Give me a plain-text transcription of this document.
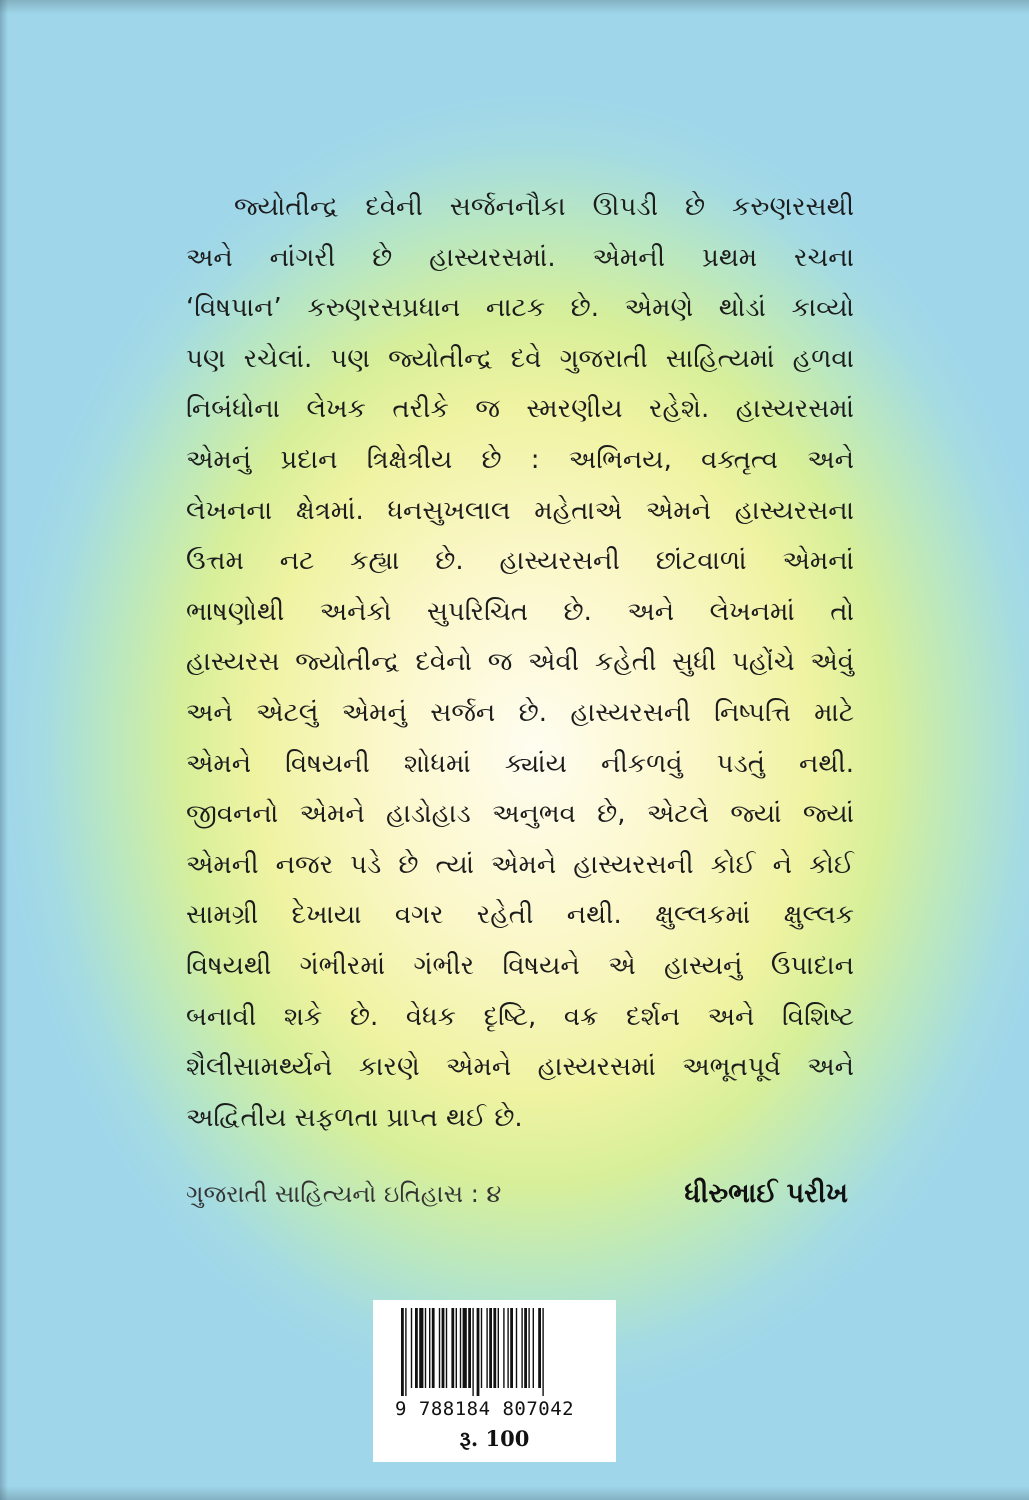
જ્યોતીન્દ્ર દવેની સર્જનનૌકા ઊપડી છે કરુણરસથી
અને નાંગરી છે હાસ્યરસમાં. એમની પ્રથમ રચના
‘વિષપાન’ કરુણરસપ્રધાન નાટક છે. એમણે થોડાં કાવ્યો
પણ રચેલાં. પણ જ્યોતીન્દ્ર દવે ગુજરાતી સાહિત્યમાં હળવા
નિબંધોના લેખક તરીકે જ સ્મરણીય રહેશે. હાસ્યરસમાં
એમનું પ્રદાન ત્રિક્ષેત્રીય છે : અભિનય, વક્તૃત્વ અને
લેખનના ક્ષેત્રમાં. ધનસુખલાલ મહેતાએ એમને હાસ્યરસના
ઉત્તમ નટ કહ્યા છે. હાસ્યરસની છાંટવાળાં એમનાં
ભાષણોથી અનેકો સુપરિચિત છે. અને લેખનમાં તો
હાસ્યરસ જ્યોતીન્દ્ર દવેનો જ એવી કહેતી સુધી પહોંચે એવું
અને એટલું એમનું સર્જન છે. હાસ્યરસની નિષ્પત્તિ માટે
એમને વિષયની શોધમાં ક્યાંય નીકળવું પડતું નથી.
જીવનનો એમને હાડોહાડ અનુભવ છે, એટલે જ્યાં જ્યાં
એમની નજર પડે છે ત્યાં એમને હાસ્યરસની કોઈ ને કોઈ
સામગ્રી દેખાયા વગર રહેતી નથી. ક્ષુલ્લકમાં ક્ષુલ્લક
વિષયથી ગંભીરમાં ગંભીર વિષયને એ હાસ્યનું ઉપાદાન
બનાવી શકે છે. વેધક દૃષ્ટિ, વક્ર દર્શન અને વિશિષ્ટ
શૈલીસામર્થ્યને કારણે એમને હાસ્યરસમાં અભૂતપૂર્વ અને
અદ્વિતીય સફળતા પ્રાપ્ત થઈ છે.
ગુજરાતી સાહિત્યનો ઇતિહાસ : ૪	ધીરુભાઈ પરીખ
9 788184 807042
રૂ. 100
